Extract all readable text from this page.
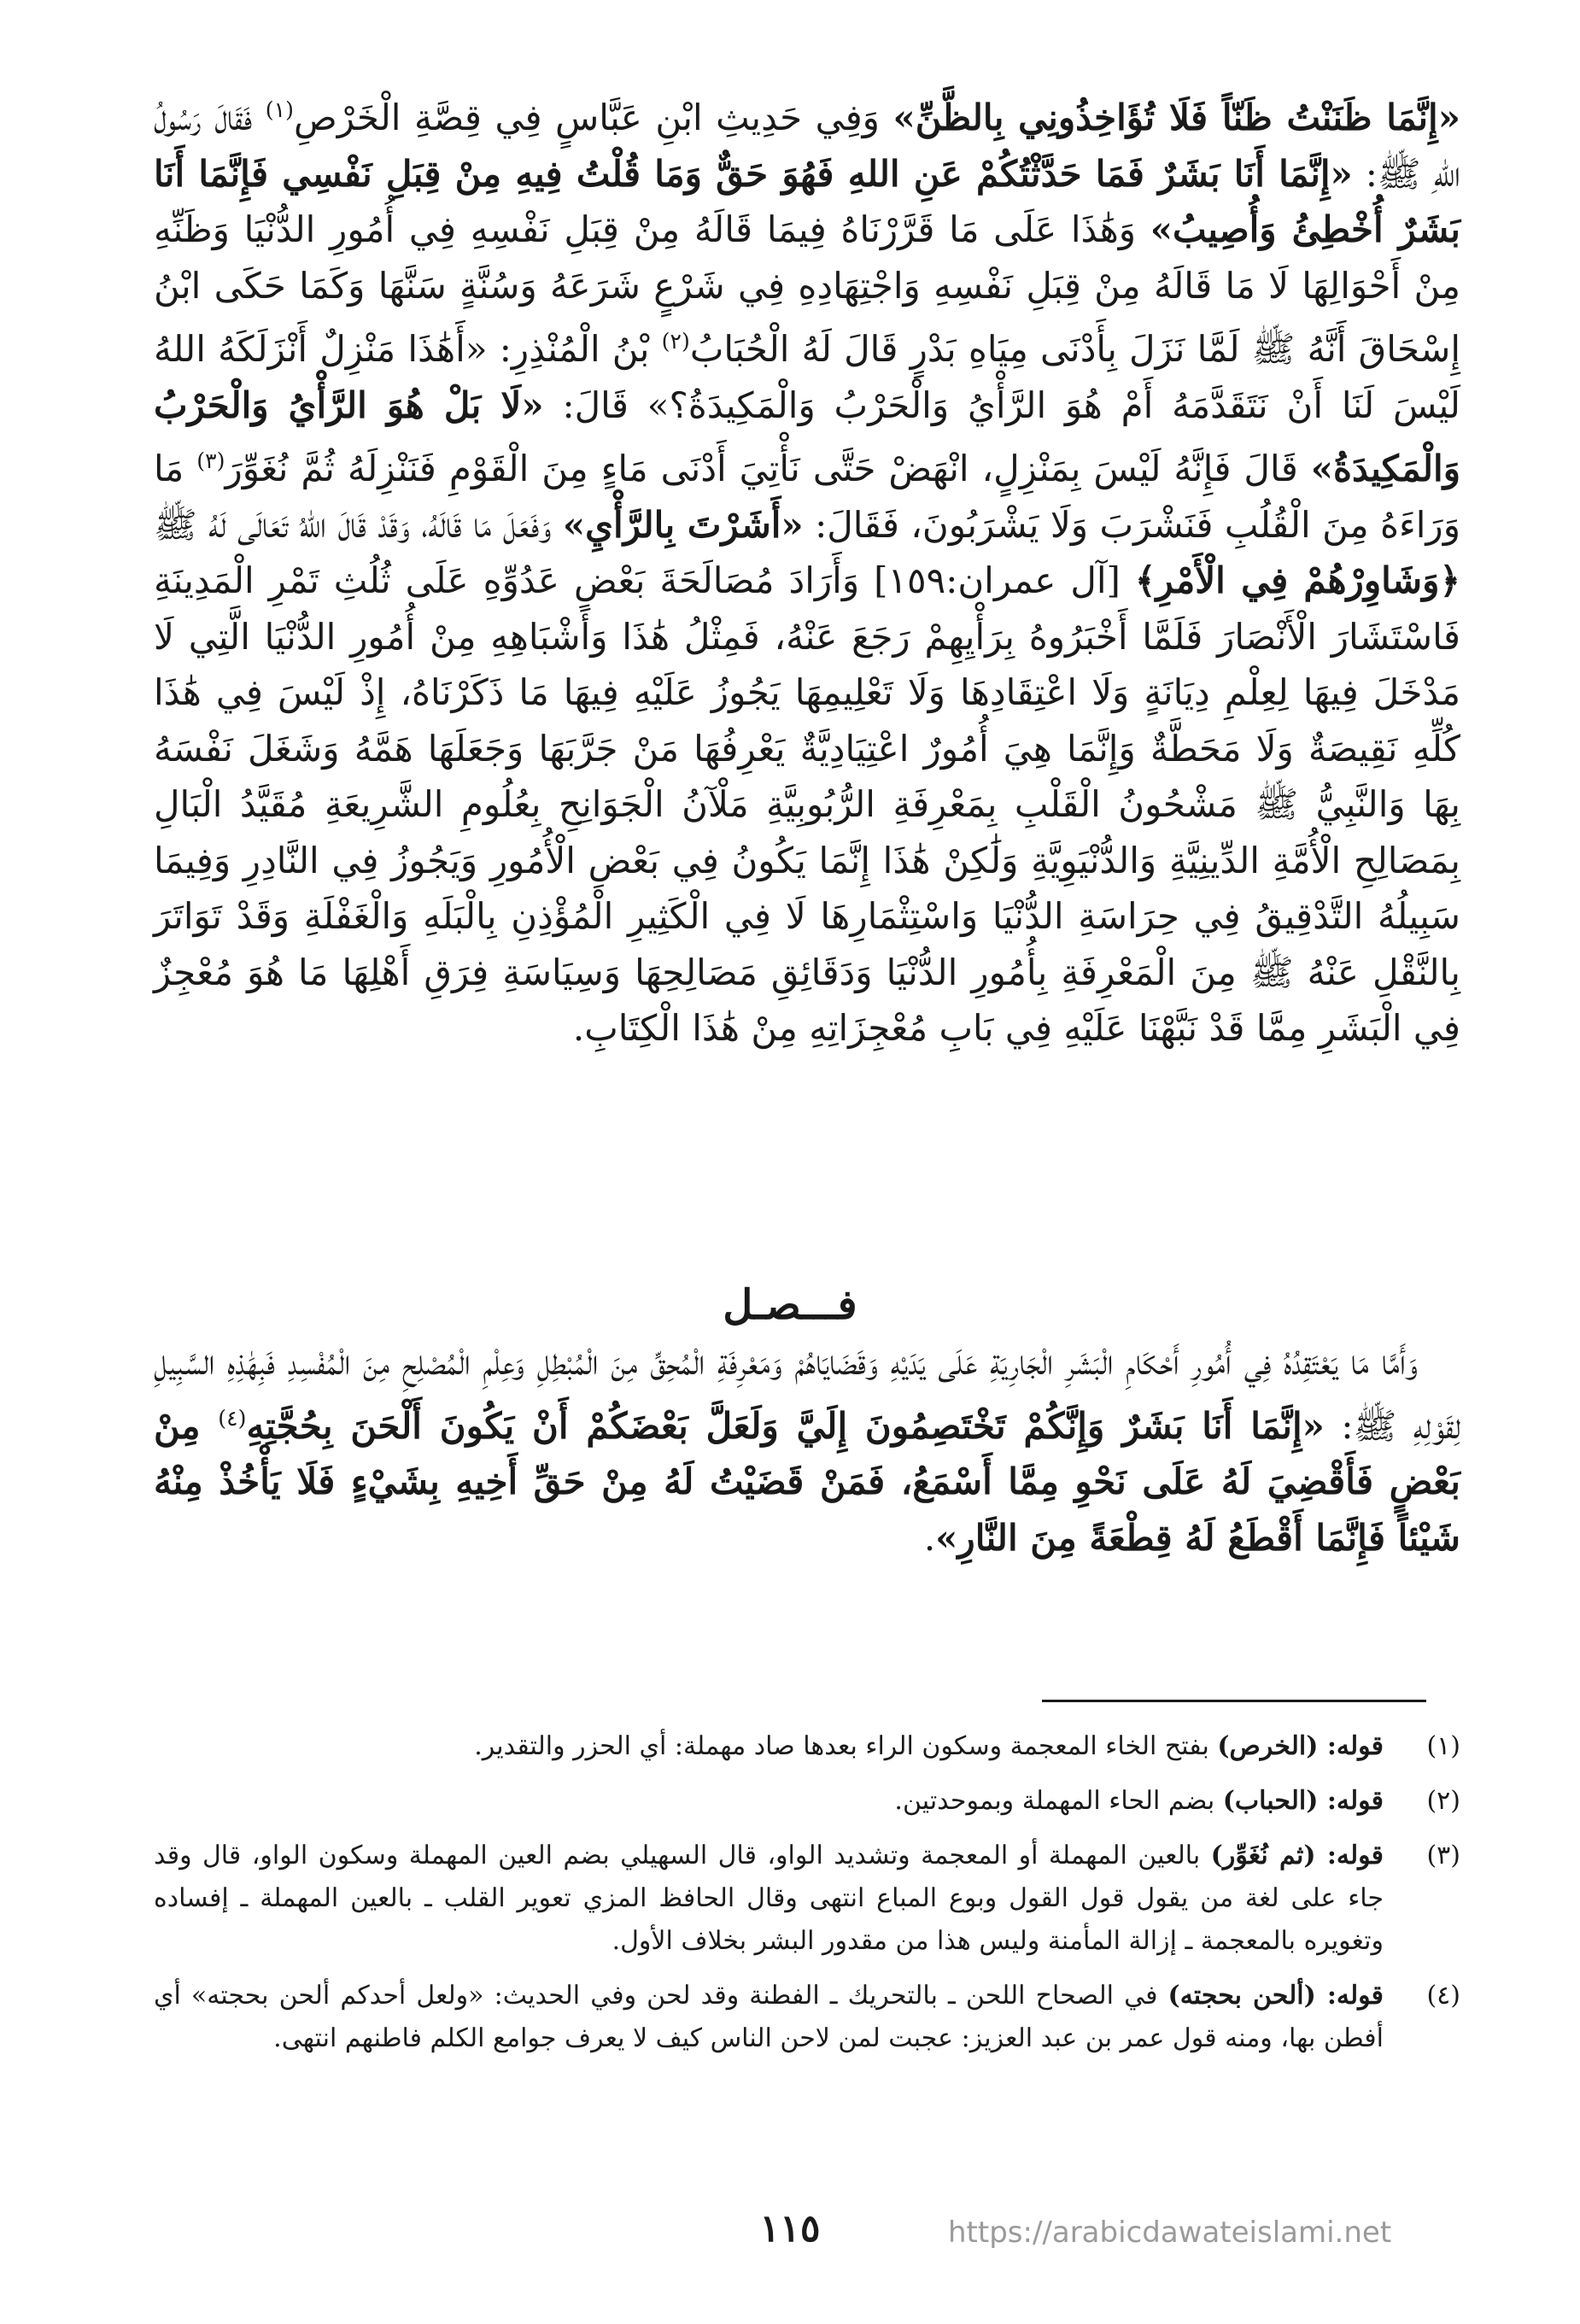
«إِنَّمَا ظَنَنْتُ ظَنّاً فَلَا تُؤَاخِذُونِي بِالظَّنِّ» وَفِي حَدِيثِ ابْنِ عَبَّاسٍ فِي قِصَّةِ الْخَرْصِ$^{(١)}$ فَقَالَ رَسُولُ اللهِ ﷺ: «إِنَّمَا أَنَا بَشَرٌ فَمَا حَدَّثْتُكُمْ عَنِ اللهِ فَهُوَ حَقٌّ وَمَا قُلْتُ فِيهِ مِنْ قِبَلِ نَفْسِي فَإِنَّمَا أَنَا بَشَرٌ أُخْطِئُ وَأُصِيبُ» وَهَٰذَا عَلَى مَا قَرَّرْنَاهُ فِيمَا قَالَهُ مِنْ قِبَلِ نَفْسِهِ فِي أُمُورِ الدُّنْيَا وَظَنِّهِ مِنْ أَحْوَالِهَا لَا مَا قَالَهُ مِنْ قِبَلِ نَفْسِهِ وَاجْتِهَادِهِ فِي شَرْعٍ شَرَعَهُ وَسُنَّةٍ سَنَّهَا وَكَمَا حَكَى ابْنُ إِسْحَاقَ أَنَّهُ ﷺ لَمَّا نَزَلَ بِأَدْنَى مِيَاهِ بَدْرٍ قَالَ لَهُ الْحُبَابُ$^{(٢)}$ بْنُ الْمُنْذِرِ: «أَهَٰذَا مَنْزِلٌ أَنْزَلَكَهُ اللهُ لَيْسَ لَنَا أَنْ نَتَقَدَّمَهُ أَمْ هُوَ الرَّأْيُ وَالْحَرْبُ وَالْمَكِيدَةُ؟» قَالَ: «لَا بَلْ هُوَ الرَّأْيُ وَالْحَرْبُ وَالْمَكِيدَةُ» قَالَ فَإِنَّهُ لَيْسَ بِمَنْزِلٍ، انْهَضْ حَتَّى نَأْتِيَ أَدْنَى مَاءٍ مِنَ الْقَوْمِ فَنَنْزِلَهُ ثُمَّ نُغَوِّرَ$^{(٣)}$ مَا وَرَاءَهُ مِنَ الْقُلُبِ فَنَشْرَبَ وَلَا يَشْرَبُونَ، فَقَالَ: «أَشَرْتَ بِالرَّأْيِ» وَفَعَلَ مَا قَالَهُ، وَقَدْ قَالَ اللهُ تَعَالَى لَهُ ﷺ ﴿وَشَاوِرْهُمْ فِي الْأَمْرِ﴾ [آل عمران:١٥٩] وَأَرَادَ مُصَالَحَةَ بَعْضِ عَدُوِّهِ عَلَى ثُلُثِ تَمْرِ الْمَدِينَةِ فَاسْتَشَارَ الْأَنْصَارَ فَلَمَّا أَخْبَرُوهُ بِرَأْيِهِمْ رَجَعَ عَنْهُ، فَمِثْلُ هَٰذَا وَأَشْبَاهِهِ مِنْ أُمُورِ الدُّنْيَا الَّتِي لَا مَدْخَلَ فِيهَا لِعِلْمِ دِيَانَةٍ وَلَا اعْتِقَادِهَا وَلَا تَعْلِيمِهَا يَجُوزُ عَلَيْهِ فِيهَا مَا ذَكَرْنَاهُ، إِذْ لَيْسَ فِي هَٰذَا كُلِّهِ نَقِيصَةٌ وَلَا مَحَطَّةٌ وَإِنَّمَا هِيَ أُمُورٌ اعْتِيَادِيَّةٌ يَعْرِفُهَا مَنْ جَرَّبَهَا وَجَعَلَهَا هَمَّهُ وَشَغَلَ نَفْسَهُ بِهَا وَالنَّبِيُّ ﷺ مَشْحُونُ الْقَلْبِ بِمَعْرِفَةِ الرُّبُوبِيَّةِ مَلْآنُ الْجَوَانِحِ بِعُلُومِ الشَّرِيعَةِ مُقَيَّدُ الْبَالِ بِمَصَالِحِ الْأُمَّةِ الدِّينِيَّةِ وَالدُّنْيَوِيَّةِ وَلَٰكِنْ هَٰذَا إِنَّمَا يَكُونُ فِي بَعْضِ الْأُمُورِ وَيَجُوزُ فِي النَّادِرِ وَفِيمَا سَبِيلُهُ التَّدْقِيقُ فِي حِرَاسَةِ الدُّنْيَا وَاسْتِثْمَارِهَا لَا فِي الْكَثِيرِ الْمُؤْذِنِ بِالْبَلَهِ وَالْغَفْلَةِ وَقَدْ تَوَاتَرَ بِالنَّقْلِ عَنْهُ ﷺ مِنَ الْمَعْرِفَةِ بِأُمُورِ الدُّنْيَا وَدَقَائِقِ مَصَالِحِهَا وَسِيَاسَةِ فِرَقِ أَهْلِهَا مَا هُوَ مُعْجِزٌ فِي الْبَشَرِ مِمَّا قَدْ نَبَّهْنَا عَلَيْهِ فِي بَابِ مُعْجِزَاتِهِ مِنْ هَٰذَا الْكِتَابِ.

فـــصـل

وَأَمَّا مَا يَعْتَقِدُهُ فِي أُمُورِ أَحْكَامِ الْبَشَرِ الْجَارِيَةِ عَلَى يَدَيْهِ وَقَضَايَاهُمْ وَمَعْرِفَةِ الْمُحِقِّ مِنَ الْمُبْطِلِ وَعِلْمِ الْمُصْلِحِ مِنَ الْمُفْسِدِ فَبِهَٰذِهِ السَّبِيلِ لِقَوْلِهِ ﷺ: «إِنَّمَا أَنَا بَشَرٌ وَإِنَّكُمْ تَخْتَصِمُونَ إِلَيَّ وَلَعَلَّ بَعْضَكُمْ أَنْ يَكُونَ أَلْحَنَ بِحُجَّتِهِ$^{(٤)}$ مِنْ بَعْضٍ فَأَقْضِيَ لَهُ عَلَى نَحْوِ مِمَّا أَسْمَعُ، فَمَنْ قَضَيْتُ لَهُ مِنْ حَقِّ أَخِيهِ بِشَيْءٍ فَلَا يَأْخُذْ مِنْهُ شَيْئاً فَإِنَّمَا أَقْطَعُ لَهُ قِطْعَةً مِنَ النَّارِ».

(١)
قوله: (الخرص) بفتح الخاء المعجمة وسكون الراء بعدها صاد مهملة: أي الحزر والتقدير.
(٢)
قوله: (الحباب) بضم الحاء المهملة وبموحدتين.
(٣)
قوله: (ثم نُغَوِّر) بالعين المهملة أو المعجمة وتشديد الواو، قال السهيلي بضم العين المهملة وسكون الواو، قال وقد جاء على لغة من يقول قول القول وبوع المباع انتهى وقال الحافظ المزي تعوير القلب ـ بالعين المهملة ـ إفساده وتغويره بالمعجمة ـ إزالة المأمنة وليس هذا من مقدور البشر بخلاف الأول.
(٤)
قوله: (ألحن بحجته) في الصحاح اللحن ـ بالتحريك ـ الفطنة وقد لحن وفي الحديث: «ولعل أحدكم ألحن بحجته» أي أفطن بها، ومنه قول عمر بن عبد العزيز: عجبت لمن لاحن الناس كيف لا يعرف جوامع الكلم فاطنهم انتهى.
١١٥	https://arabicdawateislami.net
